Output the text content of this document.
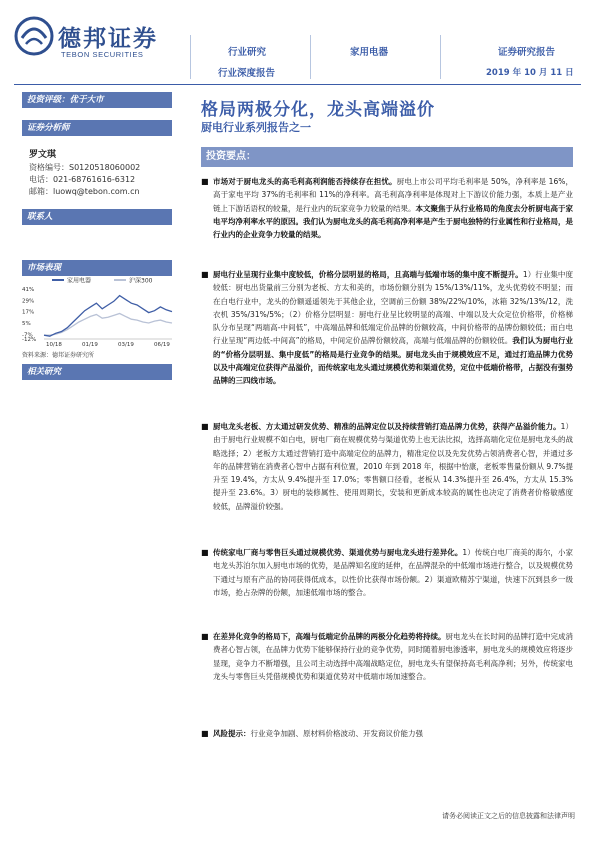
德邦证券
TEBON SECURITIES	行业研究
行业深度报告
家用电器	证券研究报告
2019 年 10 月 11 日
投资评级：优于大市
证券分析师
罗文琪
资格编号：S0120518060002
电话：021-68761616-6312
邮箱：luowq@tebon.com.cn
联系人
市场表现
家用电器	沪深300
41%
29%
17%
5%
-7%
-12%
10/18	01/19	03/19	06/19
资料来源：德邦证券研究所
相关研究
格局两极分化，龙头高端溢价
厨电行业系列报告之一
投资要点：
■ 市场对于厨电龙头的高毛利高利润能否持续存在担忧。厨电上市公司平均毛利率是 50%，净利率是 16%，高于家电平均 37%的毛利率和 11%的净利率。高毛利高净利率是体现对上下游议价能力强，本质上是产业链上下游话语权的较量，是行业内的玩家竞争力较量的结果。本文聚焦于从行业格局的角度去分析厨电高于家电平均净利率水平的原因。我们认为厨电龙头的高毛利高净利率是产生于厨电独特的行业属性和行业格局，是行业内的企业竞争力较量的结果。
■ 厨电行业呈现行业集中度较低，价格分层明显的格局，且高端与低端市场的集中度不断提升。1）行业集中度较低：厨电出货量前三分别为老板、方太和美的，市场份额分别为 15%/13%/11%，龙头优势较不明显；而在白电行业中，龙头的份额遥遥领先于其他企业，空调前三份额 38%/22%/10%，冰箱 32%/13%/12，洗衣机 35%/31%/5%；（2）价格分层明显：厨电行业呈比较明显的高端、中端以及大众定位价格带，价格梯队分布呈现“两端高-中间低”，中高端品牌和低端定价品牌的份额较高，中间价格带的品牌份额较低；而白电行业呈现“两边低-中间高”的格局，中间定价品牌份额较高，高端与低端品牌的份额较低。我们认为厨电行业的“价格分层明显、集中度低”的格局是行业竞争的结果。厨电龙头由于规模效应不足，通过打造品牌力优势以及中高端定位获得产品溢价，而传统家电龙头通过规模优势和渠道优势，定位中低端价格带，占据没有强势品牌的三四线市场。
■ 厨电龙头老板、方太通过研发优势、精准的品牌定位以及持续营销打造品牌力优势，获得产品溢价能力。1）由于厨电行业规模不如白电，厨电厂商在规模优势与渠道优势上也无法比拟，选择高端化定位是厨电龙头的战略选择；2）老板方太通过营销打造中高端定位的品牌力，精准定位以及先发优势占领消费者心智，并通过多年的品牌营销在消费者心智中占据有利位置，2010 年到 2018 年，根据中怡康，老板零售量份额从 9.7%提升至 19.4%，方太从 9.4%提升至 17.0%；零售额口径看，老板从 14.3%提升至 26.4%，方太从 15.3%提升至 23.6%。3）厨电的装修属性、使用周期长，安装和更新成本较高的属性也决定了消费者价格敏感度较低，品牌溢价较强。
■ 传统家电厂商与零售巨头通过规模优势、渠道优势与厨电龙头进行差异化。1）传统白电厂商美的海尔，小家电龙头苏泊尔加入厨电市场的优势，是品牌知名度的延伸，在品牌混杂的中低端市场进行整合，以及规模优势下通过与原有产品的协同获得低成本，以性价比获得市场份额。2）渠道欧精苏宁渠道，快速下沉到县乡一级市场，抢占杂牌的份额，加速低端市场的整合。
■ 在差异化竞争的格局下，高端与低端定价品牌的两极分化趋势将持续。厨电龙头在长时间的品牌打造中完成消费者心智占领，在品牌力优势下能够保持行业的竞争优势，同时随着厨电渗透率，厨电龙头的规模效应将逐步显现，竞争力不断增强，且公司主动选择中高端战略定位，厨电龙头有望保持高毛利高净利；另外，传统家电龙头与零售巨头凭借规模优势和渠道优势对中低端市场加速整合。
■ 风险提示：行业竞争加剧、原材料价格波动、开发商议价能力强
请务必阅读正文之后的信息披露和法律声明
